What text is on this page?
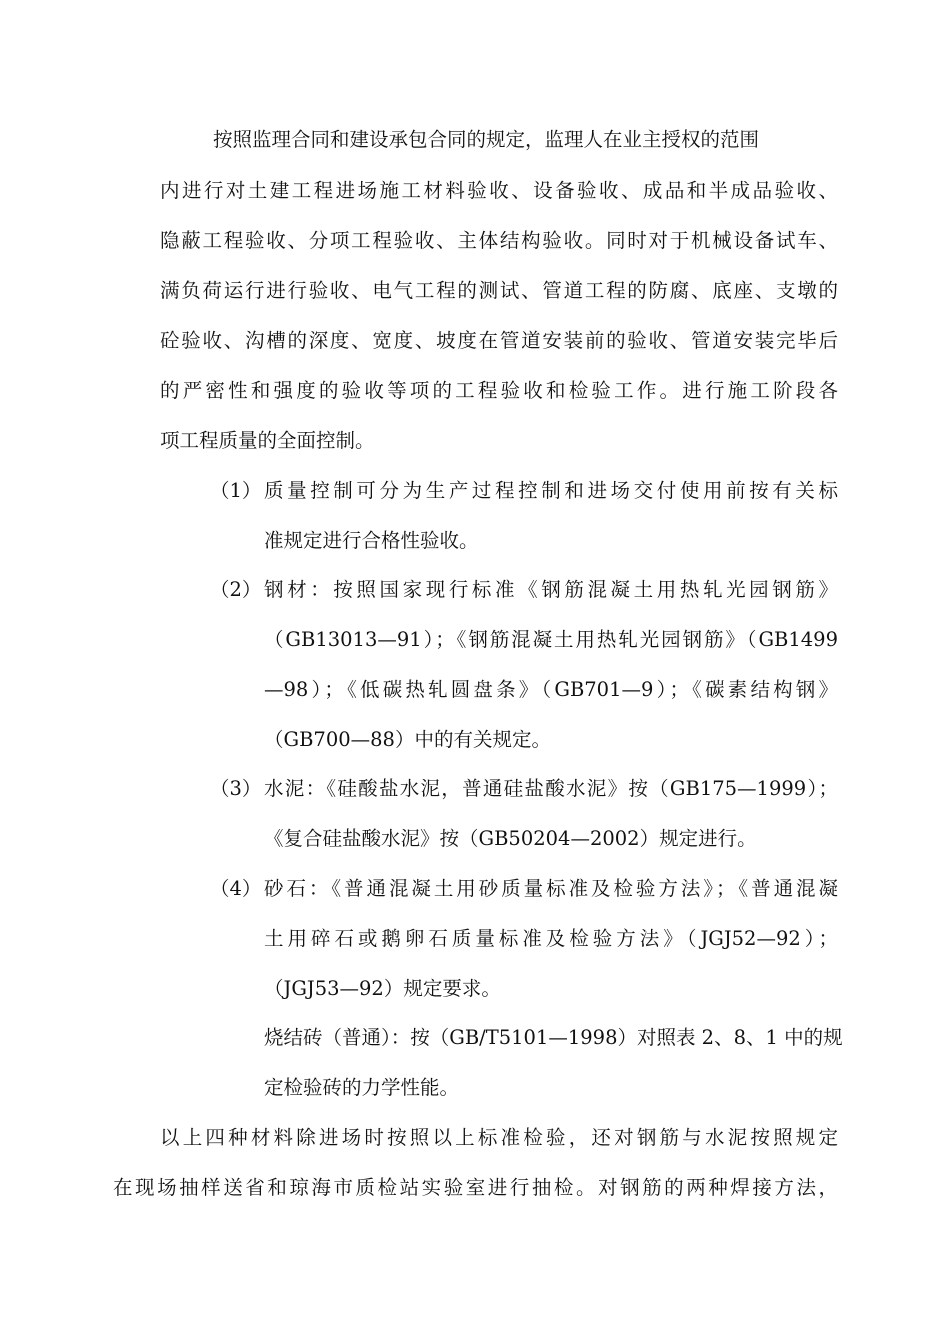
按照监理合同和建设承包合同的规定，监理人在业主授权的范围
内进行对土建工程进场施工材料验收、设备验收、成品和半成品验收、
隐蔽工程验收、分项工程验收、主体结构验收。同时对于机械设备试车、
满负荷运行进行验收、电气工程的测试、管道工程的防腐、底座、支墩的
砼验收、沟槽的深度、宽度、坡度在管道安装前的验收、管道安装完毕后
的严密性和强度的验收等项的工程验收和检验工作。进行施工阶段各
项工程质量的全面控制。
（1） 质量控制可分为生产过程控制和进场交付使用前按有关标
准规定进行合格性验收。
（2） 钢材：按照国家现行标准《钢筋混凝土用热轧光园钢筋》
（GB13013—91）；《钢筋混凝土用热轧光园钢筋》（GB1499
—98）；《低碳热轧圆盘条》（GB701—9）；《碳素结构钢》
（GB700—88）中的有关规定。
（3） 水泥：《硅酸盐水泥，普通硅盐酸水泥》按（GB175—1999）；
《复合硅盐酸水泥》按（GB50204—2002）规定进行。
（4） 砂石：《普通混凝土用砂质量标准及检验方法》；《普通混凝
土用碎石或鹅卵石质量标准及检验方法》（JGJ52—92）；
（JGJ53—92）规定要求。
烧结砖（普通）：按（GB/T5101—1998）对照表 2、8、1 中的规
定检验砖的力学性能。
以上四种材料除进场时按照以上标准检验，还对钢筋与水泥按照规定
在现场抽样送省和琼海市质检站实验室进行抽检。对钢筋的两种焊接方法，
